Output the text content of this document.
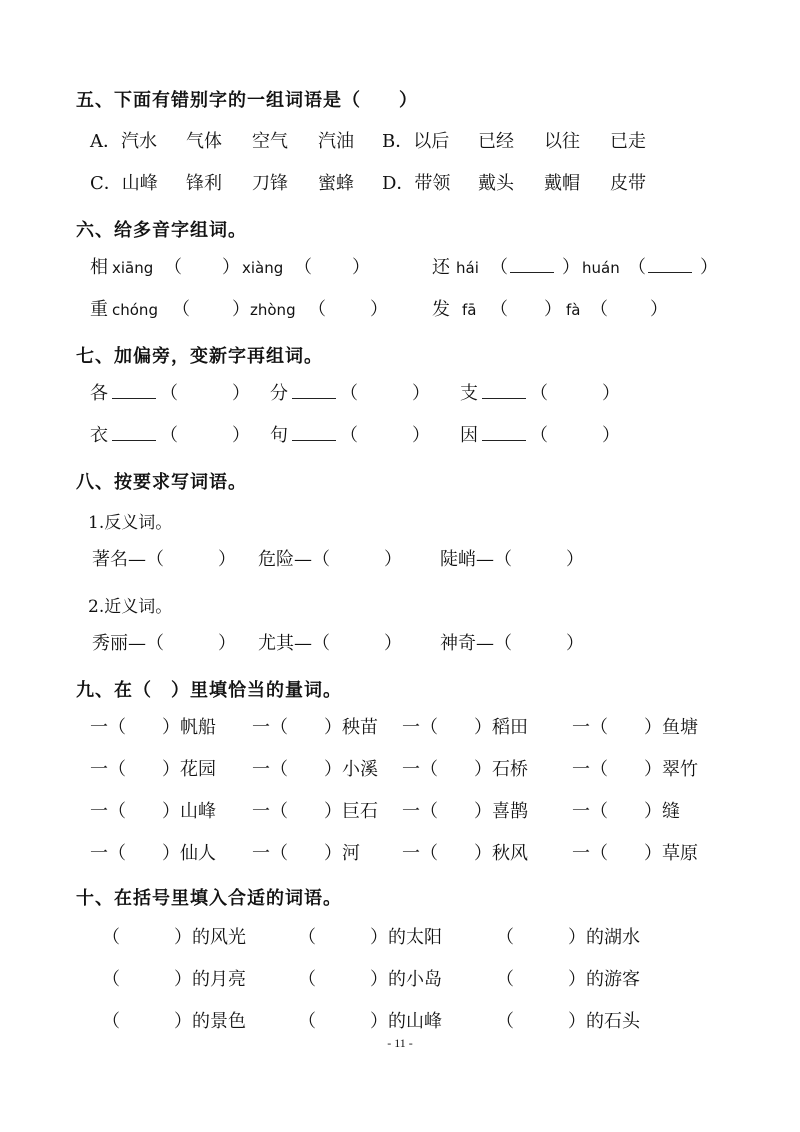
五、下面有错别字的一组词语是（　　）
A．汽水 气体 空气 汽油 B．以后 已经 以往 已走
C．山峰 锋利 刀锋 蜜蜂 D．带领 戴头 戴帽 皮带
六、给多音字组词。
相 xiāng （ ） xiàng （ ）	还 hái （	） huán （	）
重 chóng （ ） zhòng （ ） 发 fā （ ） fà （ ）
七、加偏旁，变新字再组词。
各	（　　　） 分	（　　　） 支	（　　　）
衣	（　　　） 句	（　　　） 因	（　　　）
八、按要求写词语。
1.反义词。
著名—（　　　） 危险—（　　　） 陡峭—（　　　）
2.近义词。
秀丽—（　　　） 尤其—（　　　） 神奇—（　　　）
九、在（　）里填恰当的量词。
一（　　）帆船 一（　　）秧苗 一（　　）稻田 一（　　）鱼塘
一（　　）花园 一（　　）小溪 一（　　）石桥 一（　　）翠竹
一（　　）山峰 一（　　）巨石 一（　　）喜鹊 一（　　）缝
一（　　）仙人 一（　　）河 一（　　）秋风 一（　　）草原
十、在括号里填入合适的词语。
（　　　）的风光	（　　　）的太阳	（　　　）的湖水
（　　　）的月亮	（　　　）的小岛	（　　　）的游客
（　　　）的景色	（　　　）的山峰	（　　　）的石头
- 11 -
